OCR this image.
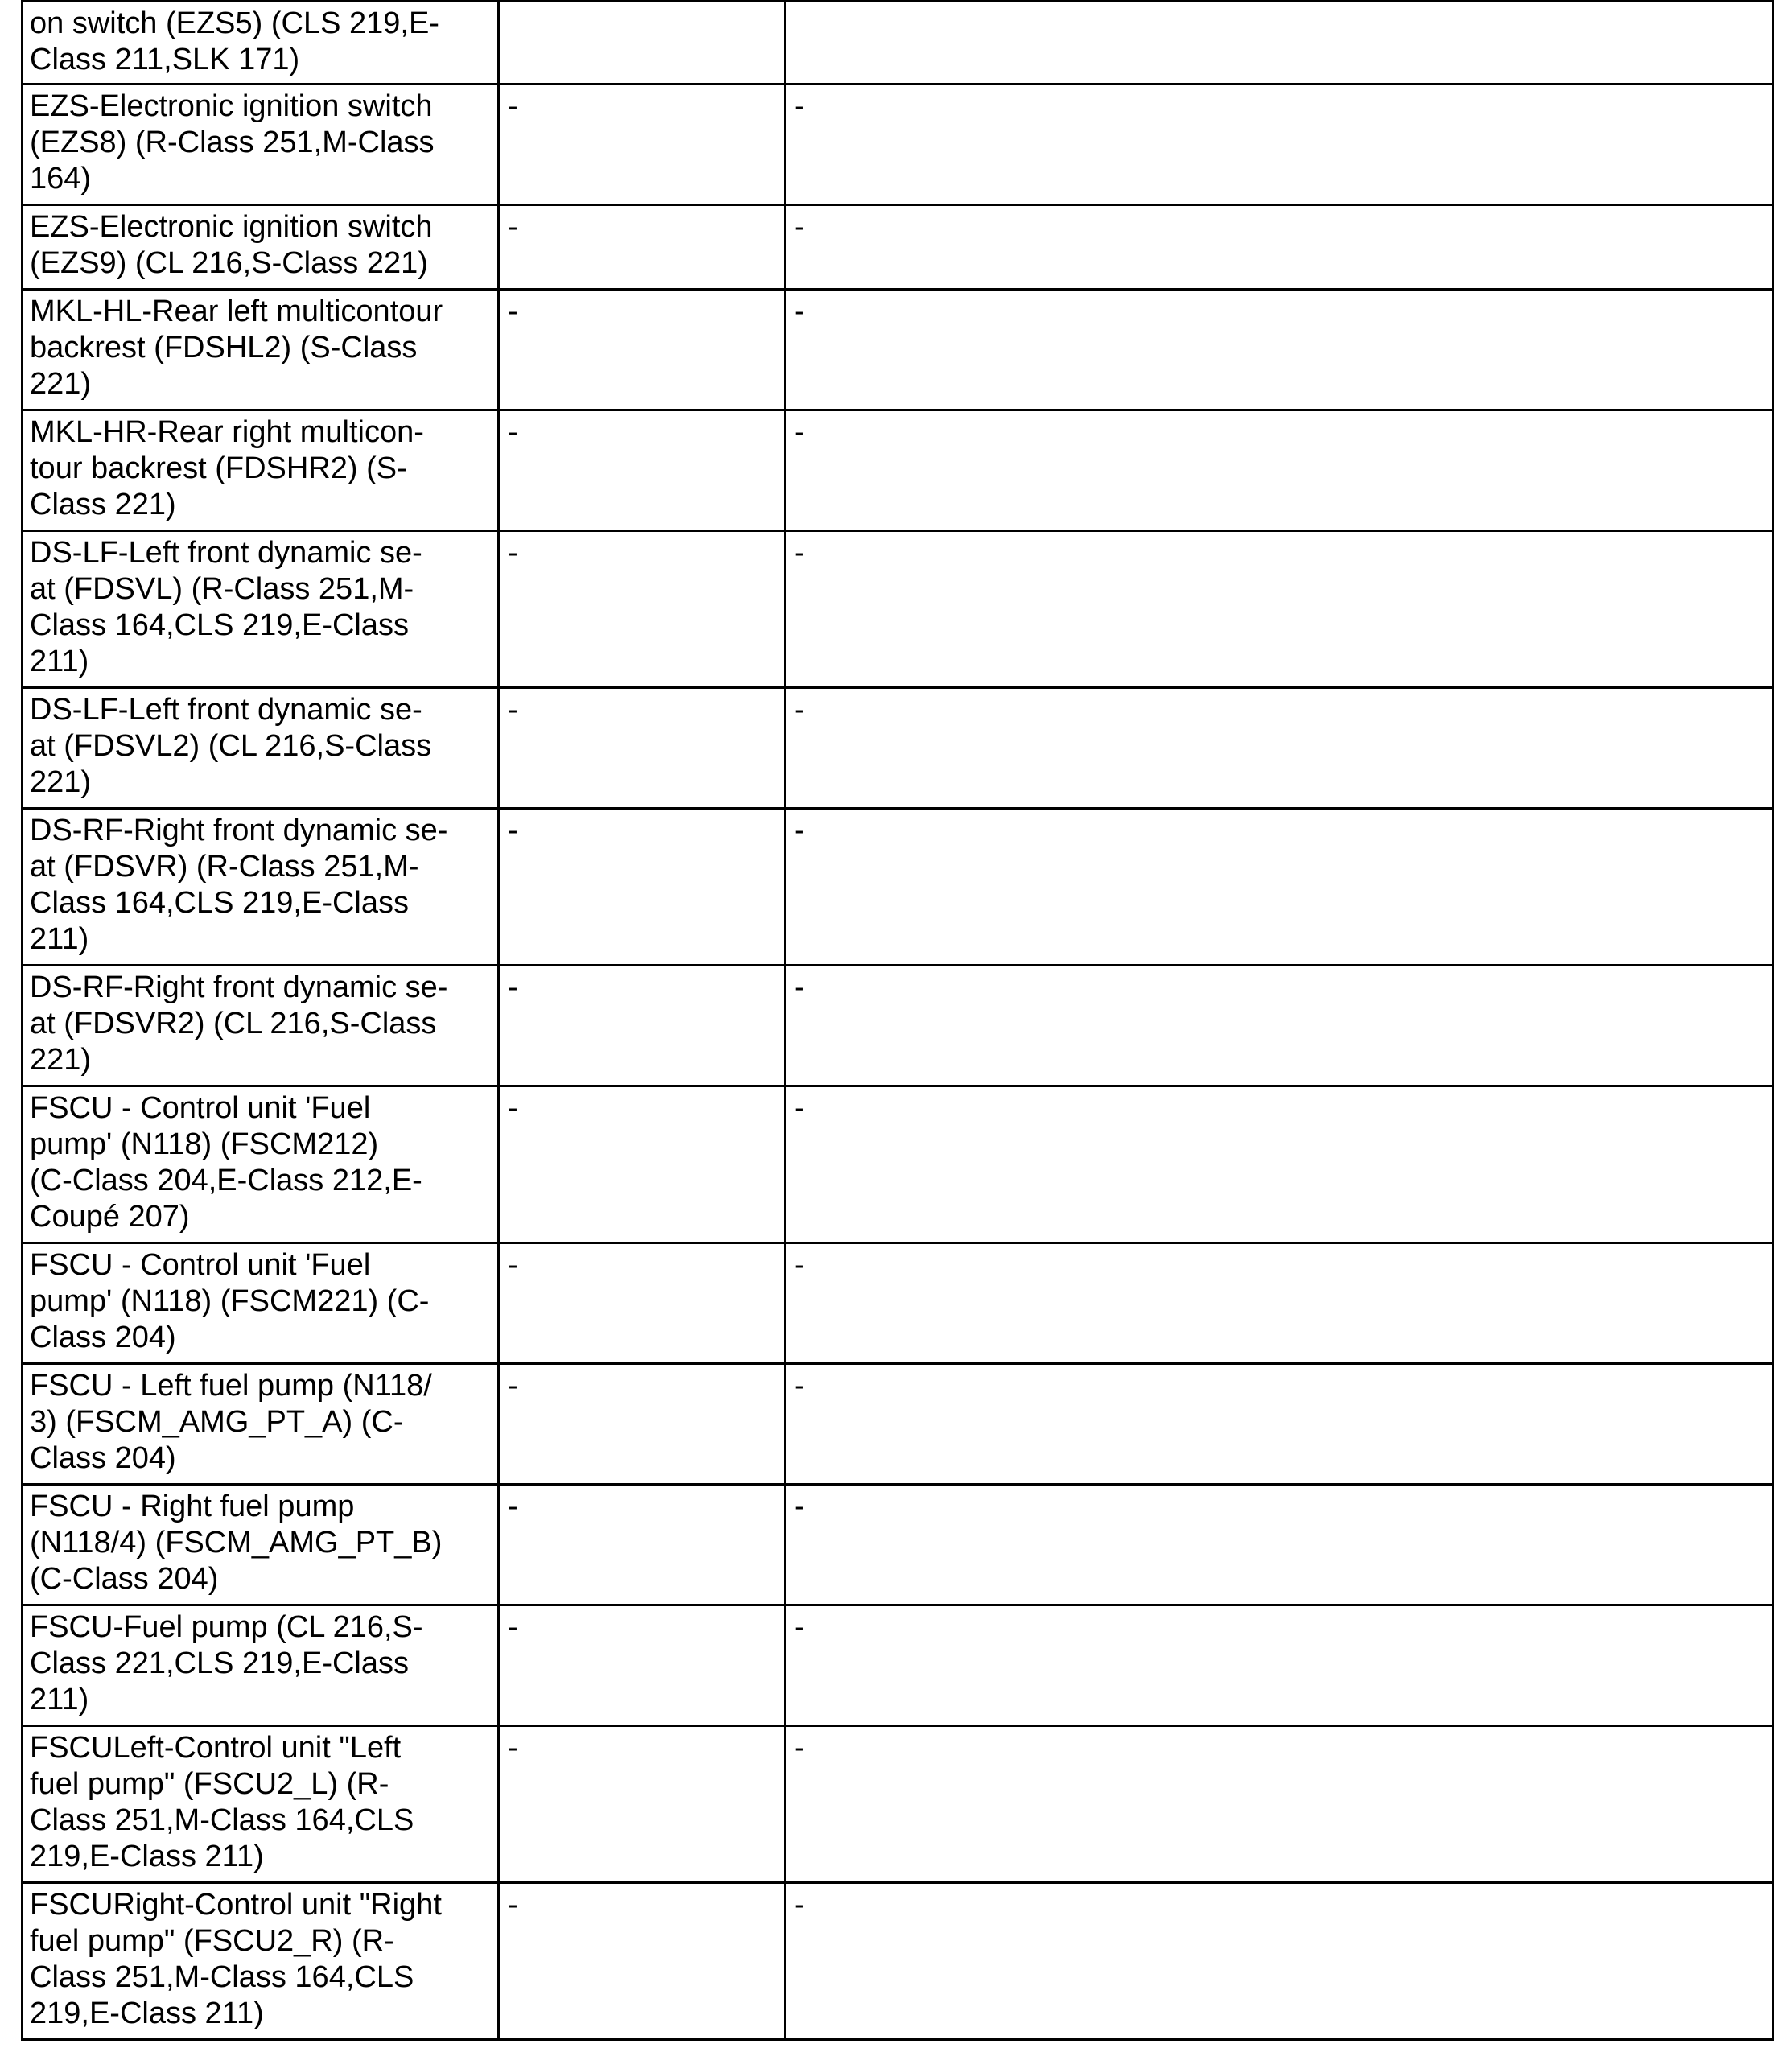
on switch (EZS5) (CLS 219,E-
Class 211,SLK 171)		
EZS-Electronic ignition switch
(EZS8) (R-Class 251,M-Class
164)	-	-
EZS-Electronic ignition switch
(EZS9) (CL 216,S-Class 221)	-	-
MKL-HL-Rear left multicontour
backrest (FDSHL2) (S-Class
221)	-	-
MKL-HR-Rear right multicon-
tour backrest (FDSHR2) (S-
Class 221)	-	-
DS-LF-Left front dynamic se-
at (FDSVL) (R-Class 251,M-
Class 164,CLS 219,E-Class
211)	-	-
DS-LF-Left front dynamic se-
at (FDSVL2) (CL 216,S-Class
221)	-	-
DS-RF-Right front dynamic se-
at (FDSVR) (R-Class 251,M-
Class 164,CLS 219,E-Class
211)	-	-
DS-RF-Right front dynamic se-
at (FDSVR2) (CL 216,S-Class
221)	-	-
FSCU - Control unit 'Fuel
pump' (N118) (FSCM212)
(C-Class 204,E-Class 212,E-
Coupé 207)	-	-
FSCU - Control unit 'Fuel
pump' (N118) (FSCM221) (C-
Class 204)	-	-
FSCU - Left fuel pump (N118/
3) (FSCM_AMG_PT_A) (C-
Class 204)	-	-
FSCU - Right fuel pump
(N118/4) (FSCM_AMG_PT_B)
(C-Class 204)	-	-
FSCU-Fuel pump (CL 216,S-
Class 221,CLS 219,E-Class
211)	-	-
FSCULeft-Control unit "Left
fuel pump" (FSCU2_L) (R-
Class 251,M-Class 164,CLS
219,E-Class 211)	-	-
FSCURight-Control unit "Right
fuel pump" (FSCU2_R) (R-
Class 251,M-Class 164,CLS
219,E-Class 211)	-	-
